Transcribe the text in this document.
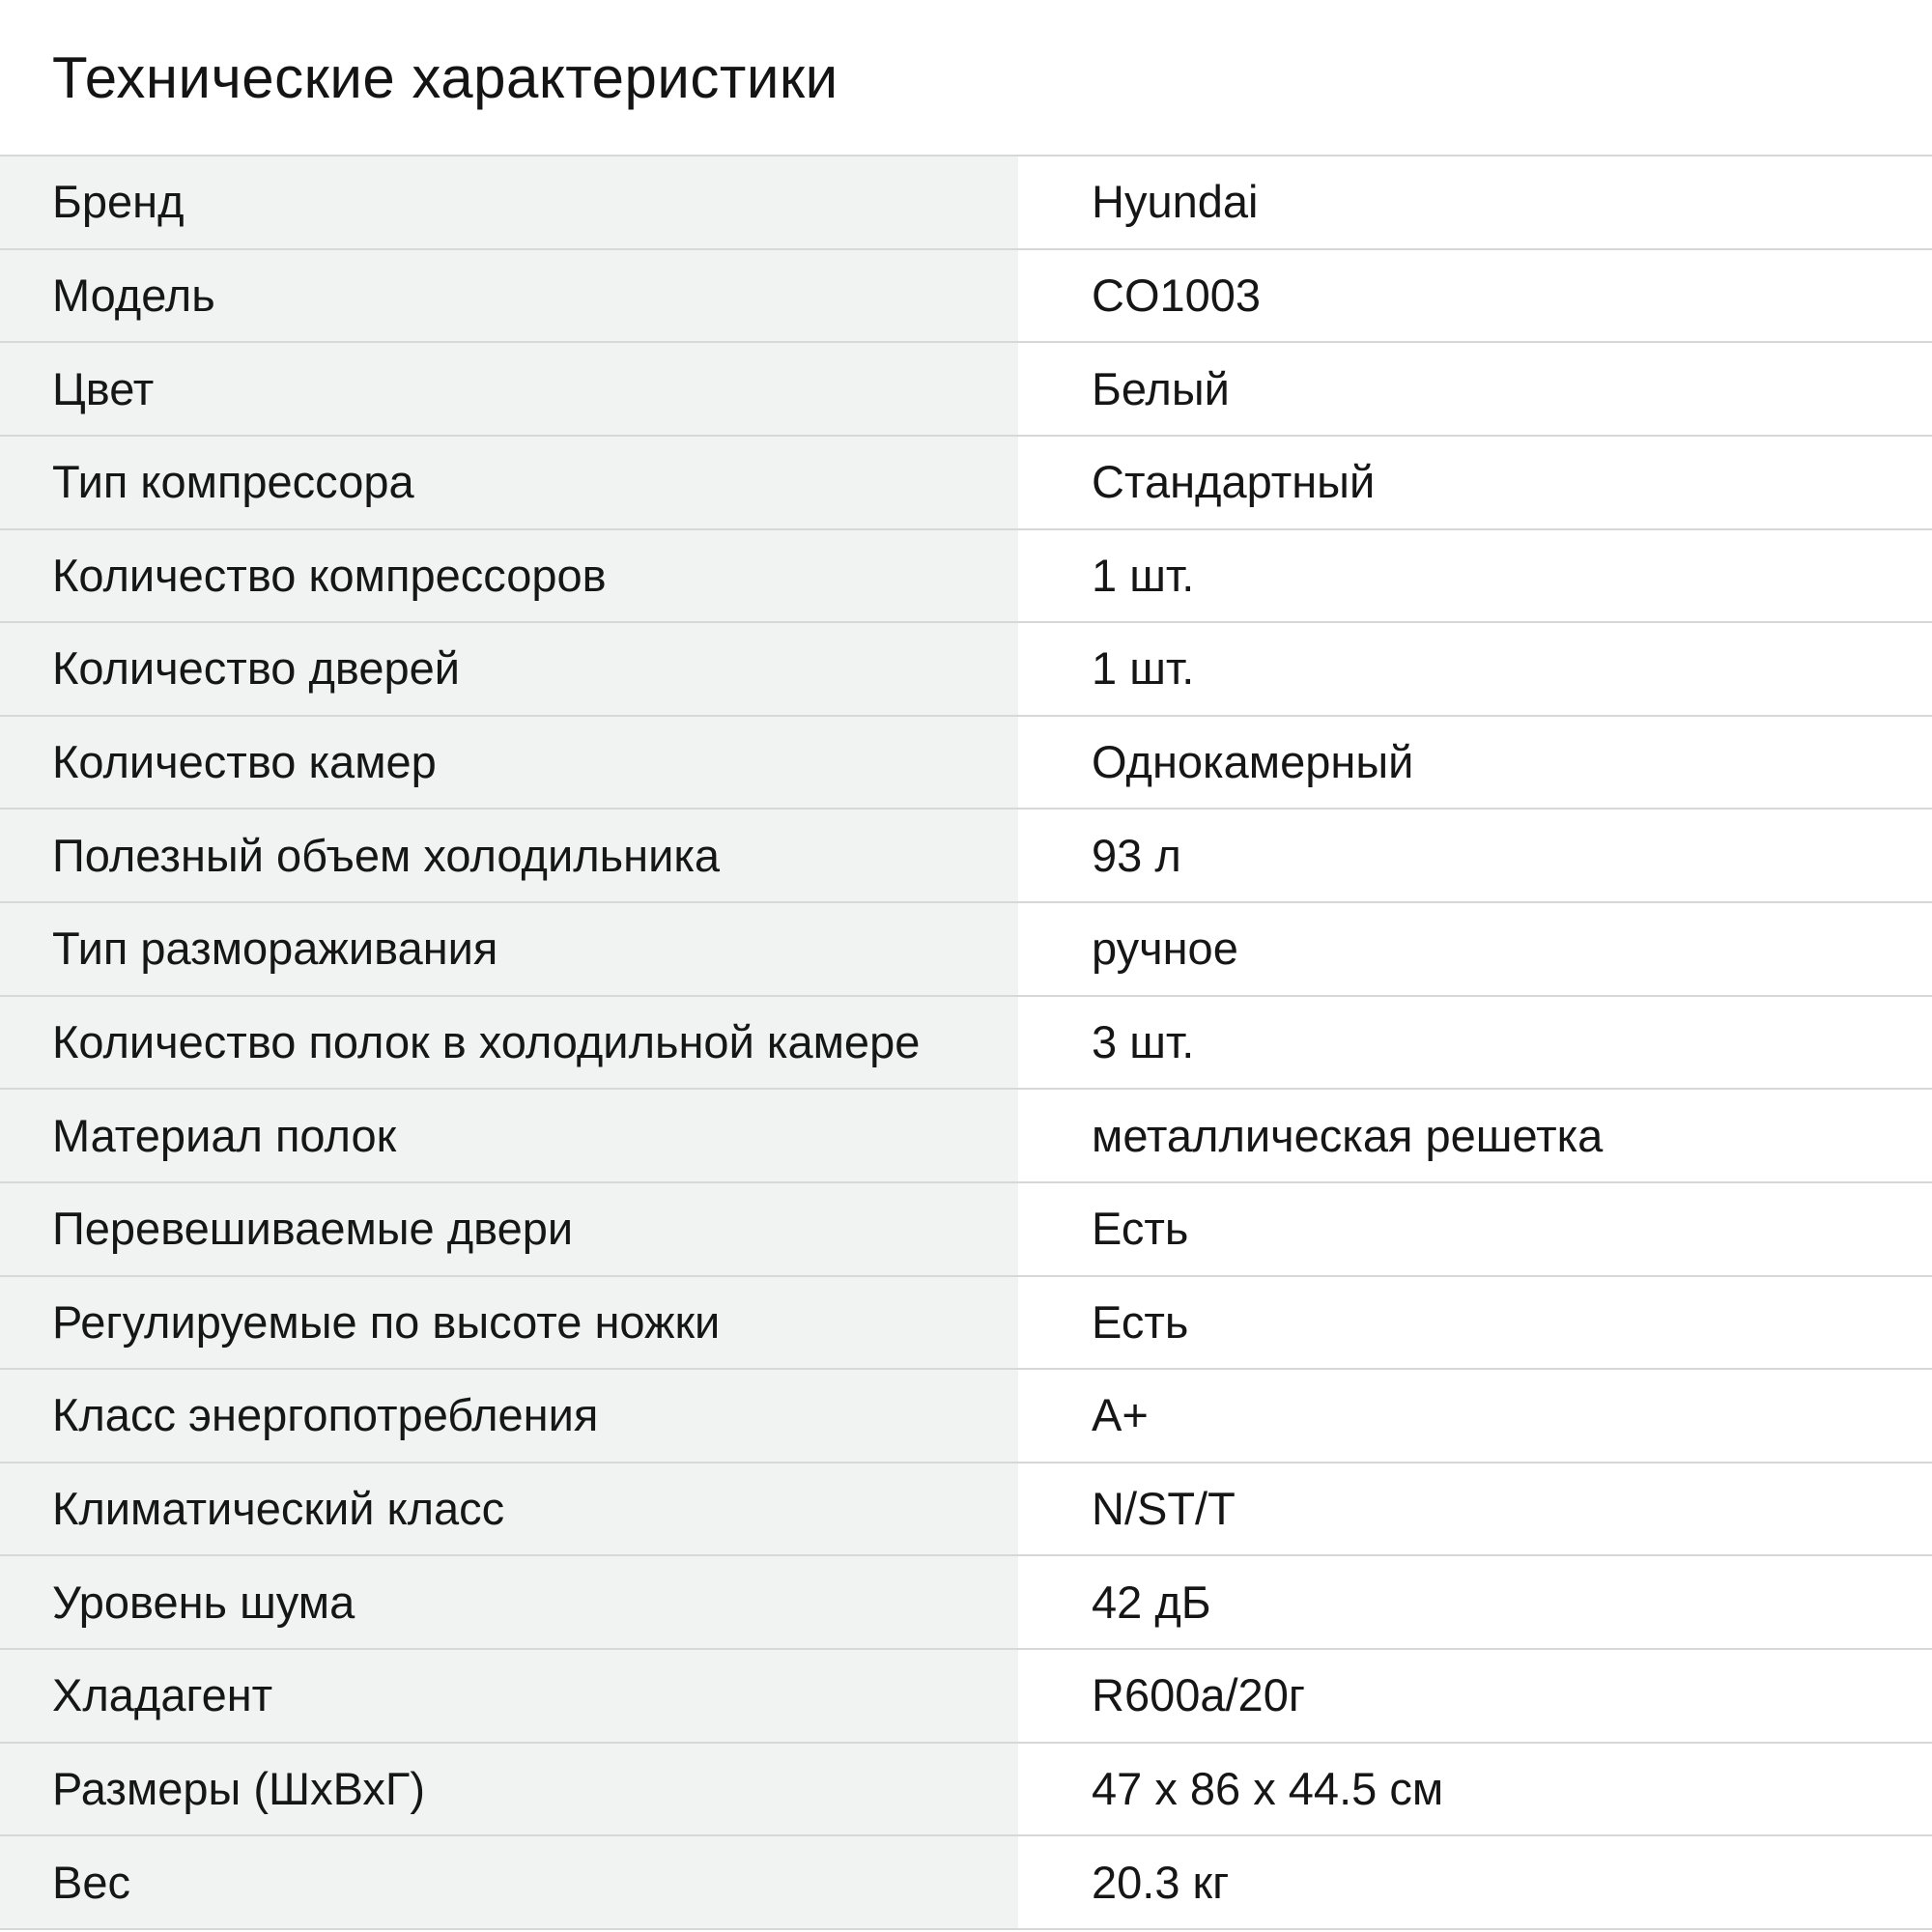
Технические характеристики
Бренд	Hyundai
Модель	CO1003
Цвет	Белый
Тип компрессора	Стандартный
Количество компрессоров	1 шт.
Количество дверей	1 шт.
Количество камер	Однокамерный
Полезный объем холодильника	93 л
Тип размораживания	ручное
Количество полок в холодильной камере	3 шт.
Материал полок	металлическая решетка
Перевешиваемые двери	Есть
Регулируемые по высоте ножки	Есть
Класс энергопотребления	A+
Климатический класс	N/ST/T
Уровень шума	42 дБ
Хладагент	R600a/20г
Размеры (ШхВхГ)	47 x 86 x 44.5 см
Вес	20.3 кг
